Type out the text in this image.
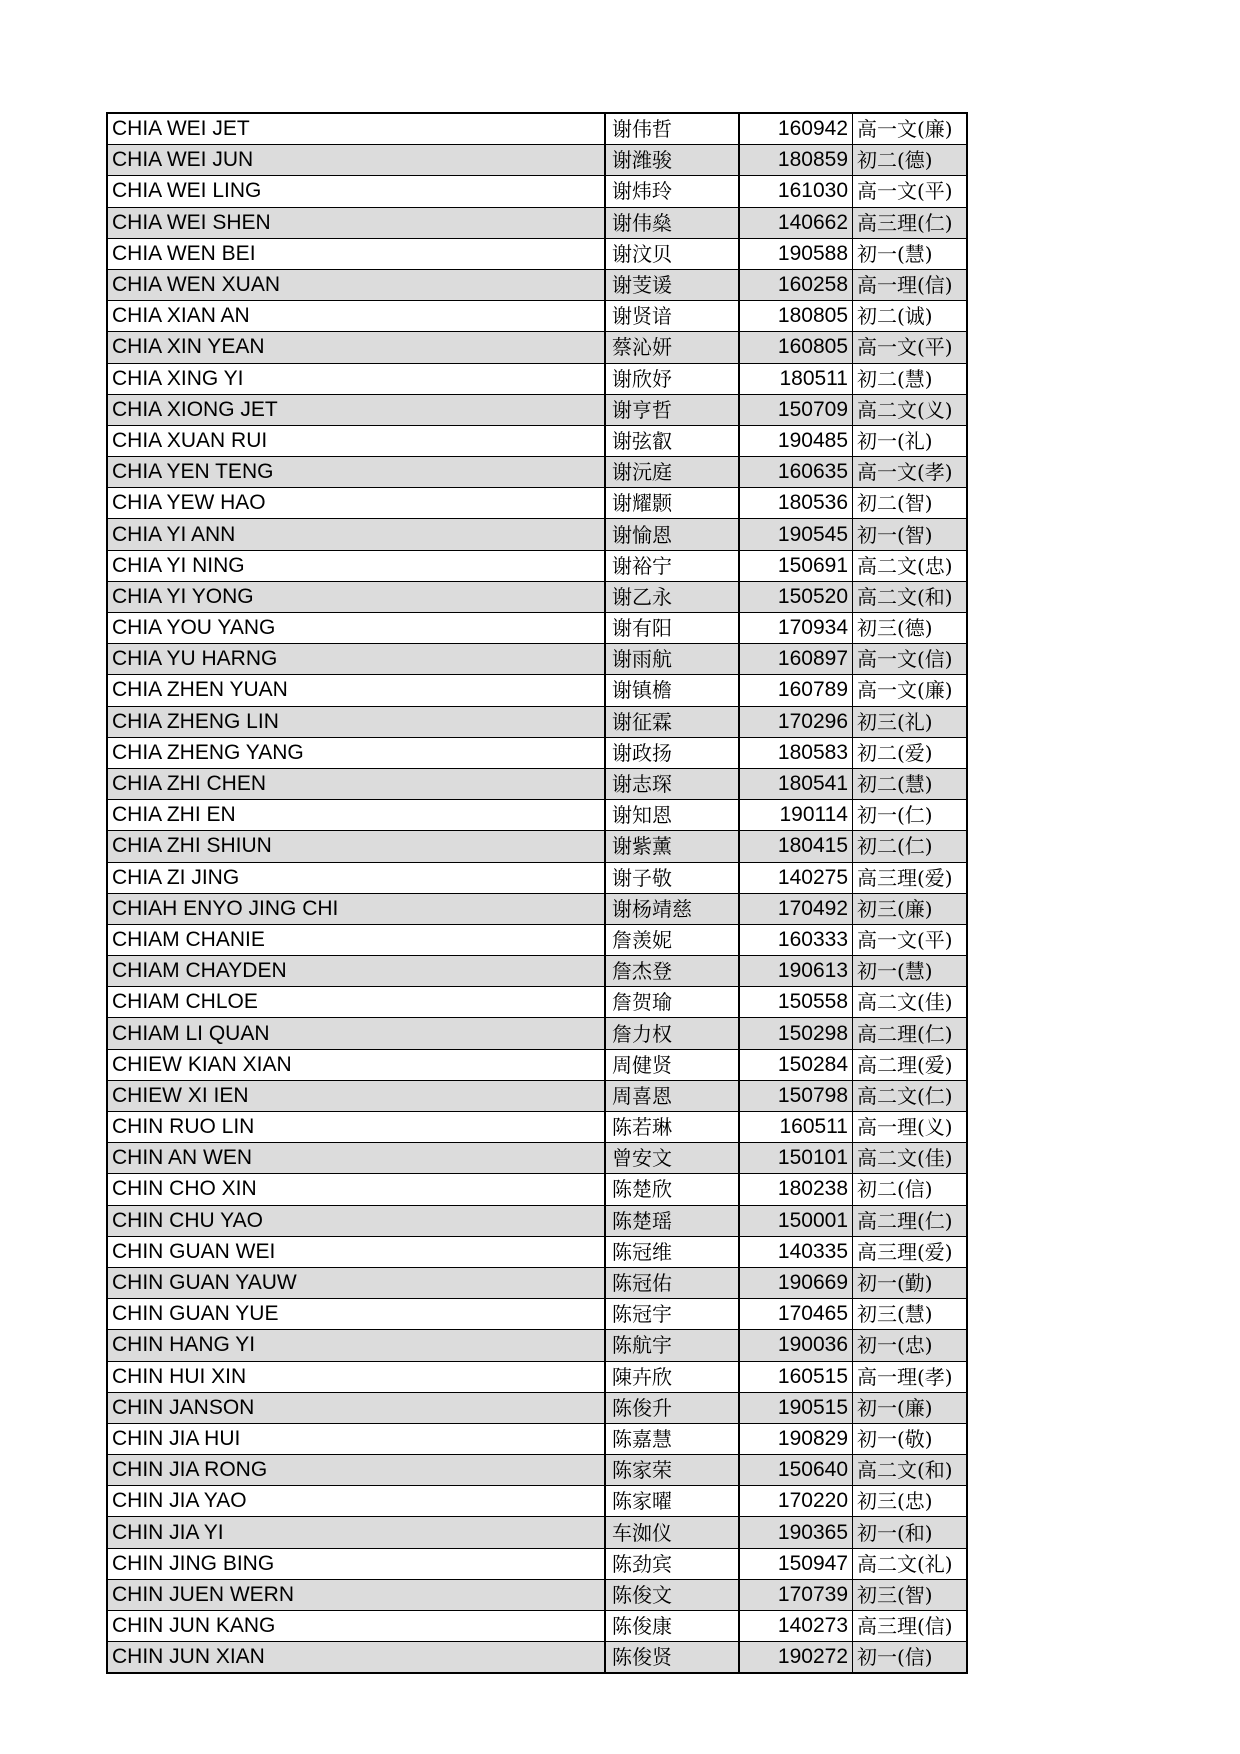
CHIA WEI JET	谢伟哲	160942	高一文(廉)
CHIA WEI JUN	谢潍骏	180859	初二(德)
CHIA WEI LING	谢炜玲	161030	高一文(平)
CHIA WEI SHEN	谢伟燊	140662	高三理(仁)
CHIA WEN BEI	谢汶贝	190588	初一(慧)
CHIA WEN XUAN	谢芰谖	160258	高一理(信)
CHIA XIAN AN	谢贤谙	180805	初二(诚)
CHIA XIN YEAN	蔡沁妍	160805	高一文(平)
CHIA XING YI	谢欣妤	180511	初二(慧)
CHIA XIONG JET	谢亨哲	150709	高二文(义)
CHIA XUAN RUI	谢弦叡	190485	初一(礼)
CHIA YEN TENG	谢沅庭	160635	高一文(孝)
CHIA YEW HAO	谢耀颢	180536	初二(智)
CHIA YI ANN	谢愉恩	190545	初一(智)
CHIA YI NING	谢裕宁	150691	高二文(忠)
CHIA YI YONG	谢乙永	150520	高二文(和)
CHIA YOU YANG	谢有阳	170934	初三(德)
CHIA YU HARNG	谢雨航	160897	高一文(信)
CHIA ZHEN YUAN	谢镇檐	160789	高一文(廉)
CHIA ZHENG LIN	谢征霖	170296	初三(礼)
CHIA ZHENG YANG	谢政扬	180583	初二(爱)
CHIA ZHI CHEN	谢志琛	180541	初二(慧)
CHIA ZHI EN	谢知恩	190114	初一(仁)
CHIA ZHI SHIUN	谢紫薰	180415	初二(仁)
CHIA ZI JING	谢子敬	140275	高三理(爱)
CHIAH ENYO JING CHI	谢杨靖慈	170492	初三(廉)
CHIAM CHANIE	詹羡妮	160333	高一文(平)
CHIAM CHAYDEN	詹杰登	190613	初一(慧)
CHIAM CHLOE	詹贺瑜	150558	高二文(佳)
CHIAM LI QUAN	詹力权	150298	高二理(仁)
CHIEW KIAN XIAN	周健贤	150284	高二理(爱)
CHIEW XI IEN	周喜恩	150798	高二文(仁)
CHIN RUO LIN	陈若琳	160511	高一理(义)
CHIN AN WEN	曾安文	150101	高二文(佳)
CHIN CHO XIN	陈楚欣	180238	初二(信)
CHIN CHU YAO	陈楚瑶	150001	高二理(仁)
CHIN GUAN WEI	陈冠维	140335	高三理(爱)
CHIN GUAN YAUW	陈冠佑	190669	初一(勤)
CHIN GUAN YUE	陈冠宇	170465	初三(慧)
CHIN HANG YI	陈航宇	190036	初一(忠)
CHIN HUI XIN	陳卉欣	160515	高一理(孝)
CHIN JANSON	陈俊升	190515	初一(廉)
CHIN JIA HUI	陈嘉慧	190829	初一(敬)
CHIN JIA RONG	陈家荣	150640	高二文(和)
CHIN JIA YAO	陈家曜	170220	初三(忠)
CHIN JIA YI	车洳仪	190365	初一(和)
CHIN JING BING	陈劲宾	150947	高二文(礼)
CHIN JUEN WERN	陈俊文	170739	初三(智)
CHIN JUN KANG	陈俊康	140273	高三理(信)
CHIN JUN XIAN	陈俊贤	190272	初一(信)
